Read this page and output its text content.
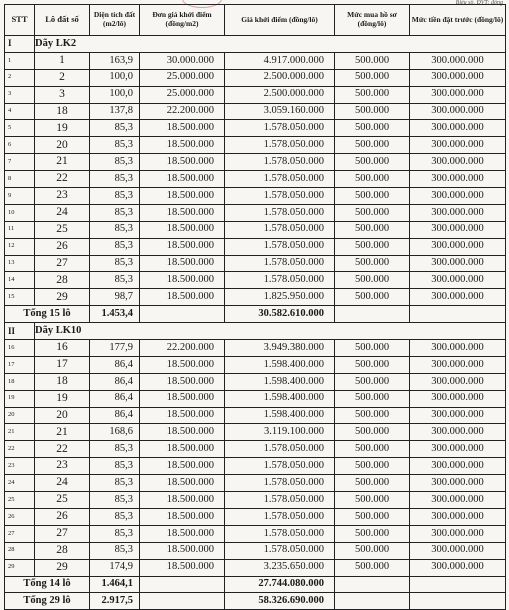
Biểu số, ĐVT: đồng
STT	Lô đất số	Diện tích đất (m2/lô)	Đơn giá khởi điểm (đồng/m2)	Giá khởi điểm (đồng/lô)	Mức mua hồ sơ (đồng/lô)	Mức tiền đặt trước (đồng/lô)
I	Dãy LK2					
1	1	163,9	30.000.000	4.917.000.000	500.000	300.000.000
2	2	100,0	25.000.000	2.500.000.000	500.000	300.000.000
3	3	100,0	25.000.000	2.500.000.000	500.000	300.000.000
4	18	137,8	22.200.000	3.059.160.000	500.000	300.000.000
5	19	85,3	18.500.000	1.578.050.000	500.000	300.000.000
6	20	85,3	18.500.000	1.578.050.000	500.000	300.000.000
7	21	85,3	18.500.000	1.578.050.000	500.000	300.000.000
8	22	85,3	18.500.000	1.578.050.000	500.000	300.000.000
9	23	85,3	18.500.000	1.578.050.000	500.000	300.000.000
10	24	85,3	18.500.000	1.578.050.000	500.000	300.000.000
11	25	85,3	18.500.000	1.578.050.000	500.000	300.000.000
12	26	85,3	18.500.000	1.578.050.000	500.000	300.000.000
13	27	85,3	18.500.000	1.578.050.000	500.000	300.000.000
14	28	85,3	18.500.000	1.578.050.000	500.000	300.000.000
15	29	98,7	18.500.000	1.825.950.000	500.000	300.000.000
Tổng 15 lô		1.453,4		30.582.610.000		
II	Dãy LK10					
16	16	177,9	22.200.000	3.949.380.000	500.000	300.000.000
17	17	86,4	18.500.000	1.598.400.000	500.000	300.000.000
18	18	86,4	18.500.000	1.598.400.000	500.000	300.000.000
19	19	86,4	18.500.000	1.598.400.000	500.000	300.000.000
20	20	86,4	18.500.000	1.598.400.000	500.000	300.000.000
21	21	168,6	18.500.000	3.119.100.000	500.000	300.000.000
22	22	85,3	18.500.000	1.578.050.000	500.000	300.000.000
23	23	85,3	18.500.000	1.578.050.000	500.000	300.000.000
24	24	85,3	18.500.000	1.578.050.000	500.000	300.000.000
25	25	85,3	18.500.000	1.578.050.000	500.000	300.000.000
26	26	85,3	18.500.000	1.578.050.000	500.000	300.000.000
27	27	85,3	18.500.000	1.578.050.000	500.000	300.000.000
28	28	85,3	18.500.000	1.578.050.000	500.000	300.000.000
29	29	174,9	18.500.000	3.235.650.000	500.000	300.000.000
Tổng 14 lô		1.464,1		27.744.080.000		
Tổng 29 lô		2.917,5		58.326.690.000		
